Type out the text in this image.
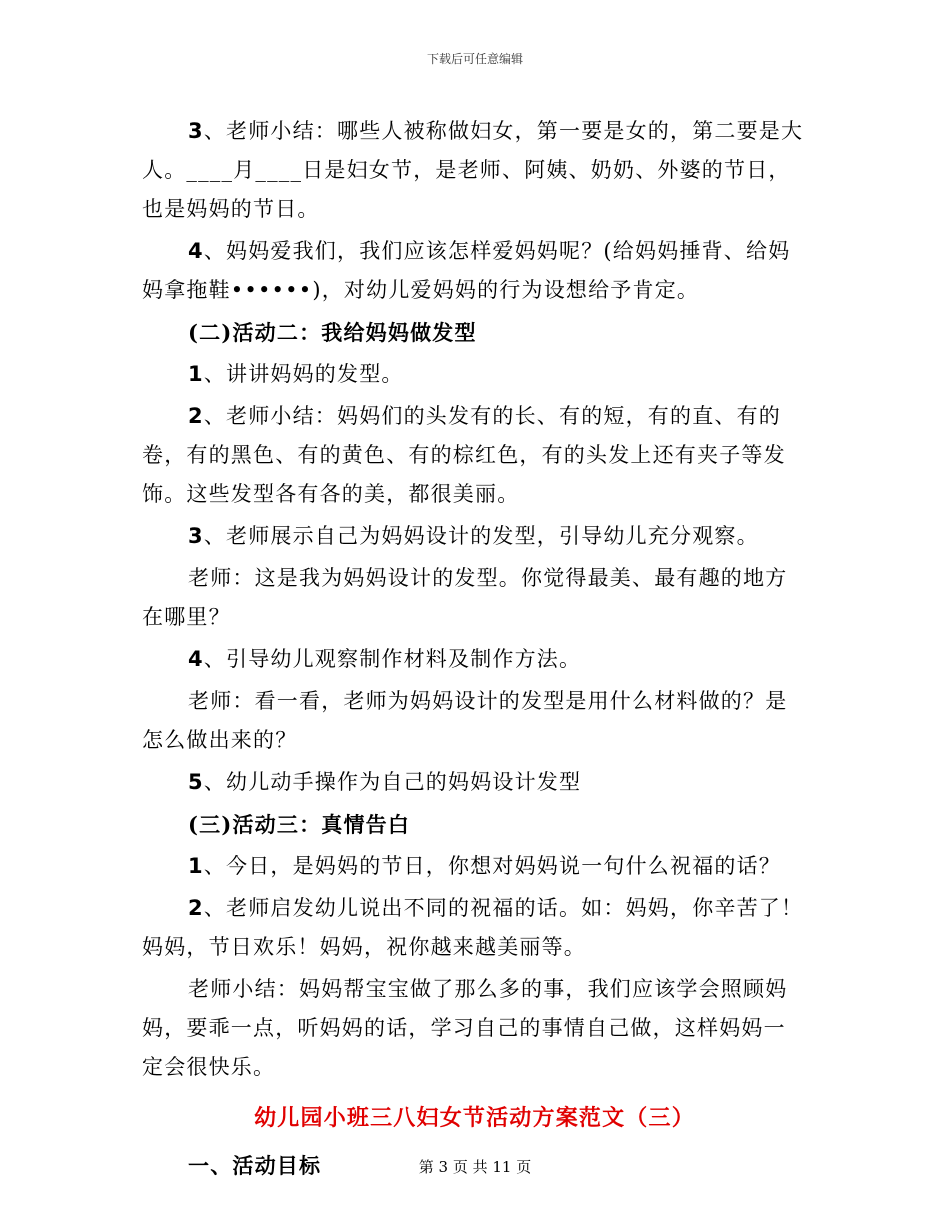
下载后可任意编辑

3、老师小结：哪些人被称做妇女，第一要是女的，第二要是大人。____月____日是妇女节，是老师、阿姨、奶奶、外婆的节日，也是妈妈的节日。

4、妈妈爱我们，我们应该怎样爱妈妈呢？(给妈妈捶背、给妈妈拿拖鞋••••••)，对幼儿爱妈妈的行为设想给予肯定。

(二)活动二：我给妈妈做发型

1、讲讲妈妈的发型。

2、老师小结：妈妈们的头发有的长、有的短，有的直、有的卷，有的黑色、有的黄色、有的棕红色，有的头发上还有夹子等发饰。这些发型各有各的美，都很美丽。

3、老师展示自己为妈妈设计的发型，引导幼儿充分观察。

老师：这是我为妈妈设计的发型。你觉得最美、最有趣的地方在哪里？

4、引导幼儿观察制作材料及制作方法。

老师：看一看，老师为妈妈设计的发型是用什么材料做的？是怎么做出来的？

5、幼儿动手操作为自己的妈妈设计发型

(三)活动三：真情告白

1、今日，是妈妈的节日，你想对妈妈说一句什么祝福的话？

2、老师启发幼儿说出不同的祝福的话。如：妈妈，你辛苦了！妈妈，节日欢乐！妈妈，祝你越来越美丽等。

老师小结：妈妈帮宝宝做了那么多的事，我们应该学会照顾妈妈，要乖一点，听妈妈的话，学习自己的事情自己做，这样妈妈一定会很快乐。

幼儿园小班三八妇女节活动方案范文（三）

一、活动目标	第 3 页 共 11 页
